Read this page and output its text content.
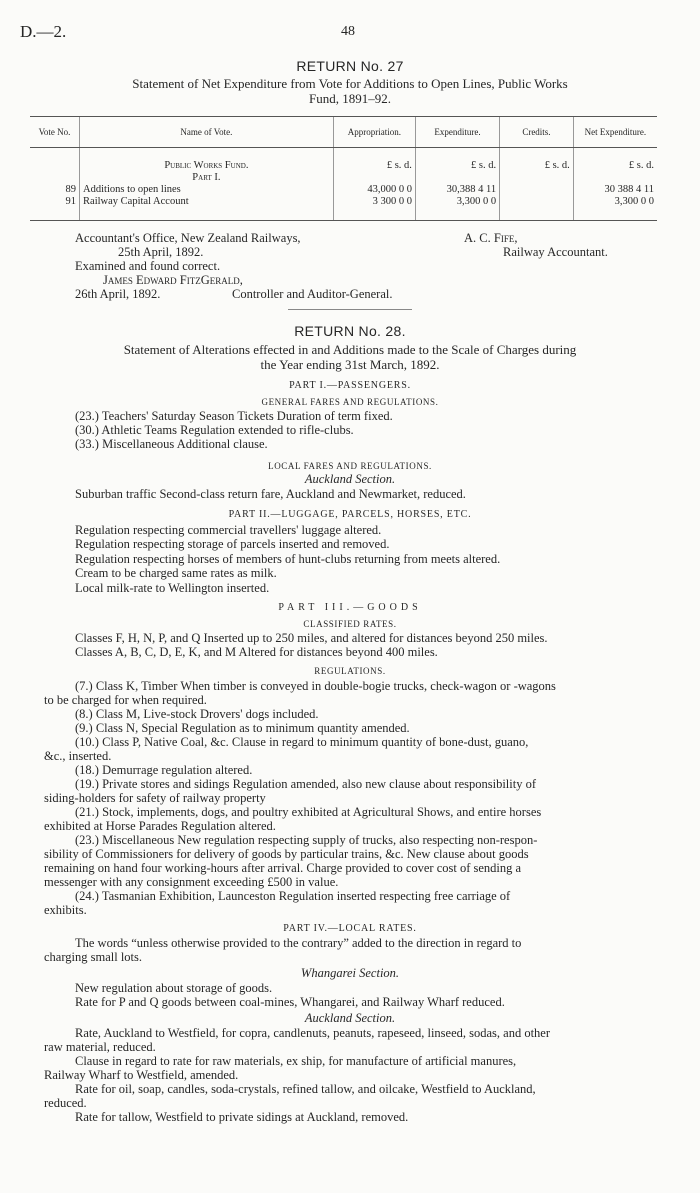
D.—2.	48
RETURN No. 27
Statement of Net Expenditure from Vote for Additions to Open Lines, Public Works
Fund, 1891–92.
Vote No.	Name of Vote.	Appropriation.	Expenditure.	Credits.	Net Expenditure.

	Public Works Fund.	£ s. d.	£ s. d.	£ s. d.	£ s. d.
	Part I.				
89	Additions to open lines	43,000 0 0	30,388 4 11		30 388 4 11
91	Railway Capital Account	3 300 0 0	3,300 0 0		3,300 0 0

Accountant's Office, New Zealand Railways,	A. C. Fife,
25th April, 1892.	Railway Accountant.
Examined and found correct.
James Edward FitzGerald,
26th April, 1892.	Controller and Auditor-General.
RETURN No. 28.
Statement of Alterations effected in and Additions made to the Scale of Charges during
the Year ending 31st March, 1892.
PART I.—PASSENGERS.
GENERAL FARES AND REGULATIONS.
(23.) Teachers' Saturday Season Tickets Duration of term fixed.
(30.) Athletic Teams Regulation extended to rifle-clubs.
(33.) Miscellaneous Additional clause.
LOCAL FARES AND REGULATIONS.
Auckland Section.
Suburban traffic Second-class return fare, Auckland and Newmarket, reduced.
PART II.—LUGGAGE, PARCELS, HORSES, ETC.
Regulation respecting commercial travellers' luggage altered.
Regulation respecting storage of parcels inserted and removed.
Regulation respecting horses of members of hunt-clubs returning from meets altered.
Cream to be charged same rates as milk.
Local milk-rate to Wellington inserted.
PART III.—GOODS
CLASSIFIED RATES.
Classes F, H, N, P, and Q Inserted up to 250 miles, and altered for distances beyond 250 miles.
Classes A, B, C, D, E, K, and M Altered for distances beyond 400 miles.
REGULATIONS.
(7.) Class K, Timber When timber is conveyed in double-bogie trucks, check-wagon or -wagons
to be charged for when required.
(8.) Class M, Live-stock Drovers' dogs included.
(9.) Class N, Special Regulation as to minimum quantity amended.
(10.) Class P, Native Coal, &c. Clause in regard to minimum quantity of bone-dust, guano,
&c., inserted.
(18.) Demurrage regulation altered.
(19.) Private stores and sidings Regulation amended, also new clause about responsibility of
siding-holders for safety of railway property
(21.) Stock, implements, dogs, and poultry exhibited at Agricultural Shows, and entire horses
exhibited at Horse Parades Regulation altered.
(23.) Miscellaneous New regulation respecting supply of trucks, also respecting non-respon-
sibility of Commissioners for delivery of goods by particular trains, &c. New clause about goods
remaining on hand four working-hours after arrival. Charge provided to cover cost of sending a
messenger with any consignment exceeding £500 in value.
(24.) Tasmanian Exhibition, Launceston Regulation inserted respecting free carriage of
exhibits.
PART IV.—LOCAL RATES.
The words “unless otherwise provided to the contrary” added to the direction in regard to
charging small lots.
Whangarei Section.
New regulation about storage of goods.
Rate for P and Q goods between coal-mines, Whangarei, and Railway Wharf reduced.
Auckland Section.
Rate, Auckland to Westfield, for copra, candlenuts, peanuts, rapeseed, linseed, sodas, and other
raw material, reduced.
Clause in regard to rate for raw materials, ex ship, for manufacture of artificial manures,
Railway Wharf to Westfield, amended.
Rate for oil, soap, candles, soda-crystals, refined tallow, and oilcake, Westfield to Auckland,
reduced.
Rate for tallow, Westfield to private sidings at Auckland, removed.
